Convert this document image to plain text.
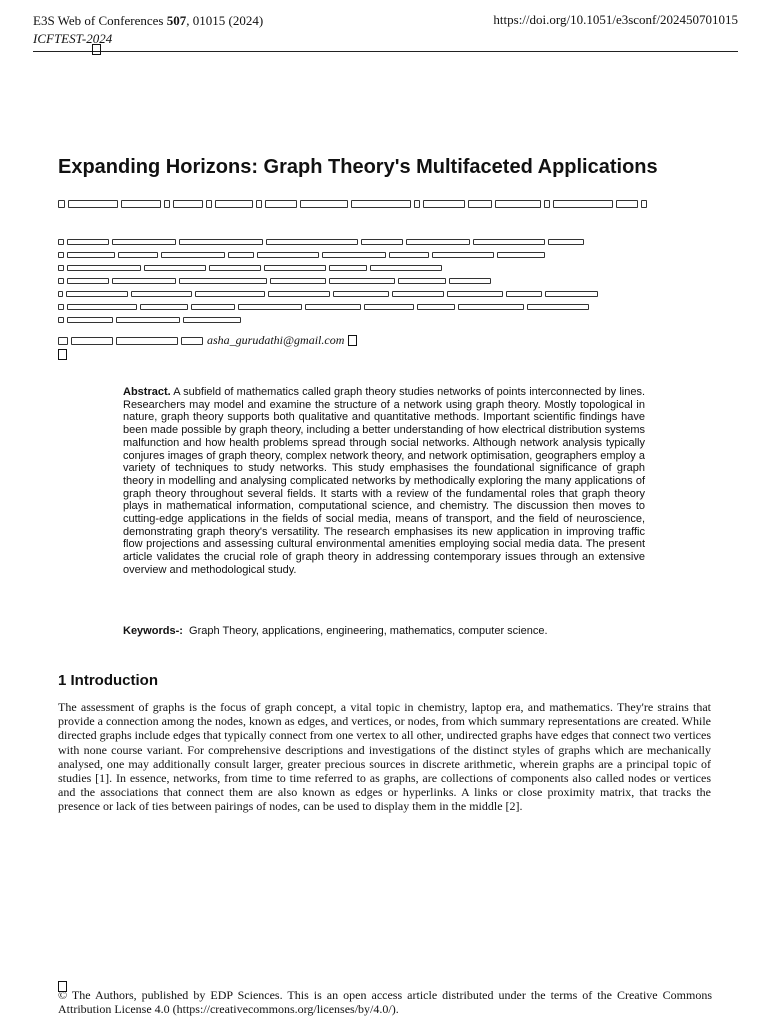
E3S Web of Conferences 507, 01015 (2024)
ICFTEST-2024
https://doi.org/10.1051/e3sconf/202450701015
Expanding Horizons: Graph Theory's Multifaceted Applications
asha_gurudathi@gmail.com
Abstract. A subfield of mathematics called graph theory studies networks of points interconnected by lines. Researchers may model and examine the structure of a network using graph theory. Mostly topological in nature, graph theory supports both qualitative and quantitative methods. Important scientific findings have been made possible by graph theory, including a better understanding of how electrical distribution systems malfunction and how health problems spread through social networks. Although network analysis typically conjures images of graph theory, complex network theory, and network optimisation, geographers employ a variety of techniques to study networks. This study emphasises the foundational significance of graph theory in modelling and analysing complicated networks by methodically exploring the many applications of graph theory throughout several fields. It starts with a review of the fundamental roles that graph theory plays in mathematical information, computational science, and chemistry. The discussion then moves to cutting-edge applications in the fields of social media, means of transport, and the field of neuroscience, demonstrating graph theory's versatility. The research emphasises its new application in improving traffic flow projections and assessing cultural environmental amenities employing social media data. The present article validates the crucial role of graph theory in addressing contemporary issues through an extensive overview and methodological study.
Keywords-: Graph Theory, applications, engineering, mathematics, computer science.
1 Introduction
The assessment of graphs is the focus of graph concept, a vital topic in chemistry, laptop era, and mathematics. They're strains that provide a connection among the nodes, known as edges, and vertices, or nodes, from which summary representations are created. While directed graphs include edges that typically connect from one vertex to all other, undirected graphs have edges that connect two vertices with none course variant. For comprehensive descriptions and investigations of the distinct styles of graphs which are mechanically analysed, one may additionally consult larger, greater precious sources in discrete arithmetic, wherein graphs are a principal topic of studies [1]. In essence, networks, from time to time referred to as graphs, are collections of components also called nodes or vertices and the associations that connect them are also known as edges or hyperlinks. A links or close proximity matrix, that tracks the presence or lack of ties between pairings of nodes, can be used to display them in the middle [2].
© The Authors, published by EDP Sciences. This is an open access article distributed under the terms of the Creative Commons Attribution License 4.0 (https://creativecommons.org/licenses/by/4.0/).
